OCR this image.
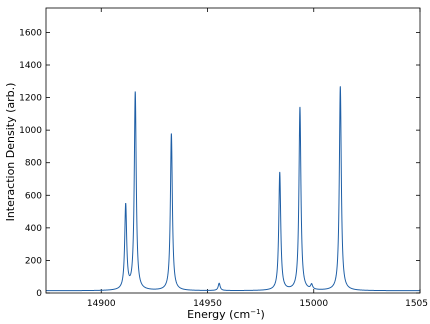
0
200
400
600
800
1000
1200
1400
1600
14900	14950	15000	1505
Energy $(cm^{-1})$
Interaction Density (arb.)
